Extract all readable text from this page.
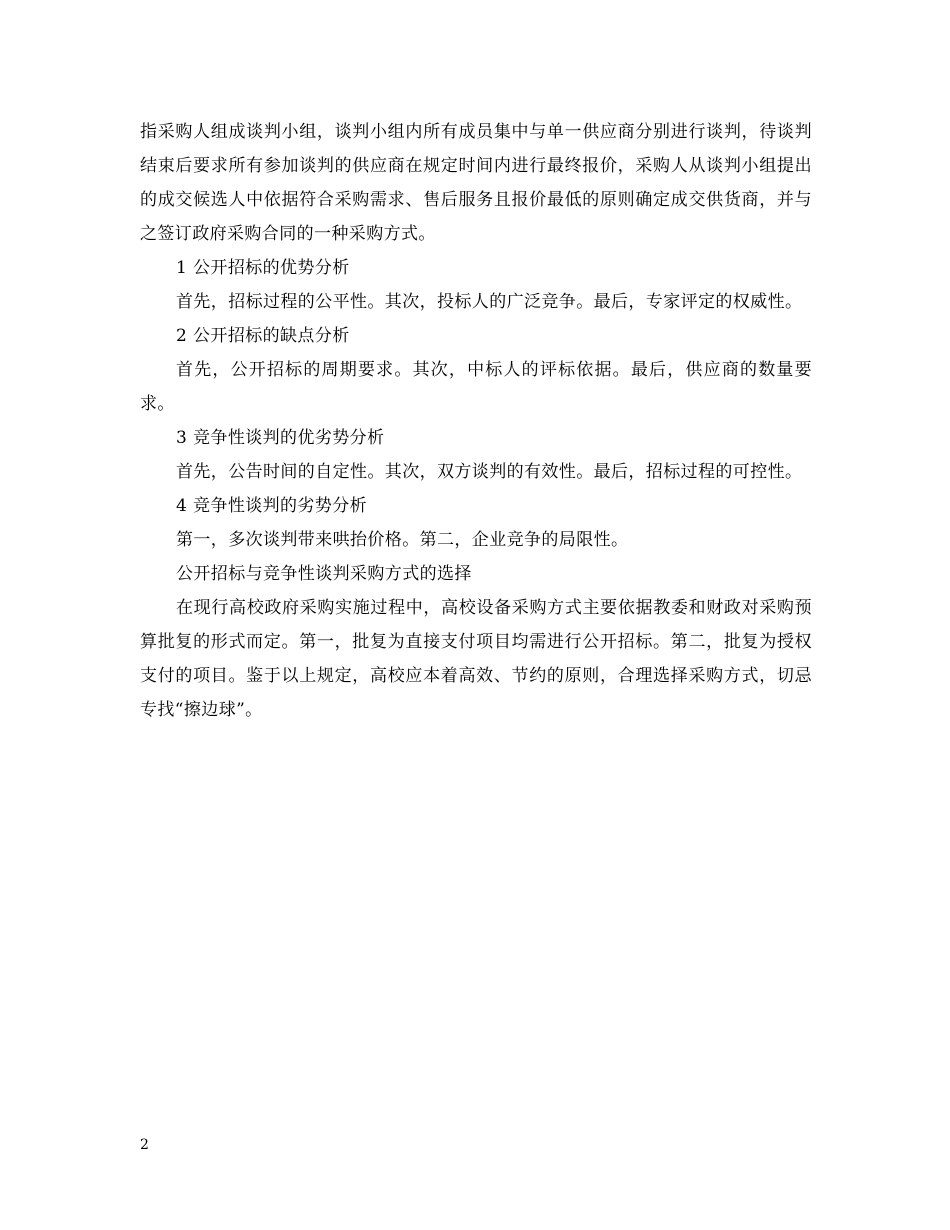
指采购人组成谈判小组，谈判小组内所有成员集中与单一供应商分别进行谈判，待谈判结束后要求所有参加谈判的供应商在规定时间内进行最终报价，采购人从谈判小组提出的成交候选人中依据符合采购需求、售后服务且报价最低的原则确定成交供货商，并与之签订政府采购合同的一种采购方式。

1 公开招标的优势分析

首先，招标过程的公平性。其次，投标人的广泛竞争。最后，专家评定的权威性。

2 公开招标的缺点分析

首先，公开招标的周期要求。其次，中标人的评标依据。最后，供应商的数量要求。

3 竞争性谈判的优劣势分析

首先，公告时间的自定性。其次，双方谈判的有效性。最后，招标过程的可控性。

4 竞争性谈判的劣势分析

第一，多次谈判带来哄抬价格。第二，企业竞争的局限性。

公开招标与竞争性谈判采购方式的选择

在现行高校政府采购实施过程中，高校设备采购方式主要依据教委和财政对采购预算批复的形式而定。第一，批复为直接支付项目均需进行公开招标。第二，批复为授权支付的项目。鉴于以上规定，高校应本着高效、节约的原则，合理选择采购方式，切忌专找“擦边球”。

2
